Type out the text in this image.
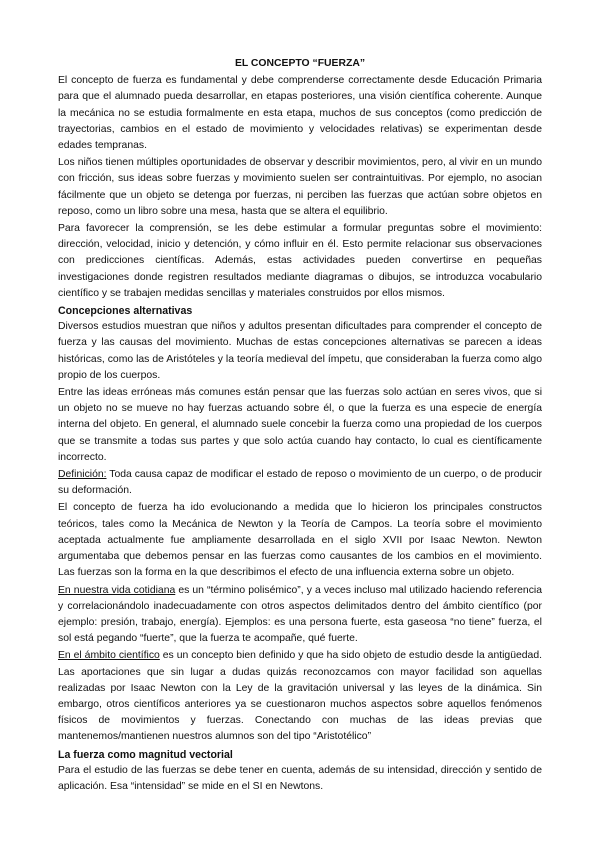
EL CONCEPTO “FUERZA”

El concepto de fuerza es fundamental y debe comprenderse correctamente desde Educación Primaria para que el alumnado pueda desarrollar, en etapas posteriores, una visión científica coherente. Aunque la mecánica no se estudia formalmente en esta etapa, muchos de sus conceptos (como predicción de trayectorias, cambios en el estado de movimiento y velocidades relativas) se experimentan desde edades tempranas.

Los niños tienen múltiples oportunidades de observar y describir movimientos, pero, al vivir en un mundo con fricción, sus ideas sobre fuerzas y movimiento suelen ser contraintuitivas. Por ejemplo, no asocian fácilmente que un objeto se detenga por fuerzas, ni perciben las fuerzas que actúan sobre objetos en reposo, como un libro sobre una mesa, hasta que se altera el equilibrio.

Para favorecer la comprensión, se les debe estimular a formular preguntas sobre el movimiento: dirección, velocidad, inicio y detención, y cómo influir en él. Esto permite relacionar sus observaciones con predicciones científicas. Además, estas actividades pueden convertirse en pequeñas investigaciones donde registren resultados mediante diagramas o dibujos, se introduzca vocabulario científico y se trabajen medidas sencillas y materiales construidos por ellos mismos.

Concepciones alternativas

Diversos estudios muestran que niños y adultos presentan dificultades para comprender el concepto de fuerza y las causas del movimiento. Muchas de estas concepciones alternativas se parecen a ideas históricas, como las de Aristóteles y la teoría medieval del ímpetu, que consideraban la fuerza como algo propio de los cuerpos.

Entre las ideas erróneas más comunes están pensar que las fuerzas solo actúan en seres vivos, que si un objeto no se mueve no hay fuerzas actuando sobre él, o que la fuerza es una especie de energía interna del objeto. En general, el alumnado suele concebir la fuerza como una propiedad de los cuerpos que se transmite a todas sus partes y que solo actúa cuando hay contacto, lo cual es científicamente incorrecto.

Definición: Toda causa capaz de modificar el estado de reposo o movimiento de un cuerpo, o de producir su deformación.

El concepto de fuerza ha ido evolucionando a medida que lo hicieron los principales constructos teóricos, tales como la Mecánica de Newton y la Teoría de Campos. La teoría sobre el movimiento aceptada actualmente fue ampliamente desarrollada en el siglo XVII por Isaac Newton. Newton argumentaba que debemos pensar en las fuerzas como causantes de los cambios en el movimiento. Las fuerzas son la forma en la que describimos el efecto de una influencia externa sobre un objeto.

En nuestra vida cotidiana es un “término polisémico”, y a veces incluso mal utilizado haciendo referencia y correlacionándolo inadecuadamente con otros aspectos delimitados dentro del ámbito científico (por ejemplo: presión, trabajo, energía). Ejemplos: es una persona fuerte, esta gaseosa “no tiene” fuerza, el sol está pegando “fuerte”, que la fuerza te acompañe, qué fuerte.

En el ámbito científico es un concepto bien definido y que ha sido objeto de estudio desde la antigüedad. Las aportaciones que sin lugar a dudas quizás reconozcamos con mayor facilidad son aquellas realizadas por Isaac Newton con la Ley de la gravitación universal y las leyes de la dinámica. Sin embargo, otros científicos anteriores ya se cuestionaron muchos aspectos sobre aquellos fenómenos físicos de movimientos y fuerzas. Conectando con muchas de las ideas previas que mantenemos/mantienen nuestros alumnos son del tipo “Aristotélico”

La fuerza como magnitud vectorial

Para el estudio de las fuerzas se debe tener en cuenta, además de su intensidad, dirección y sentido de aplicación. Esa “intensidad” se mide en el SI en Newtons.
